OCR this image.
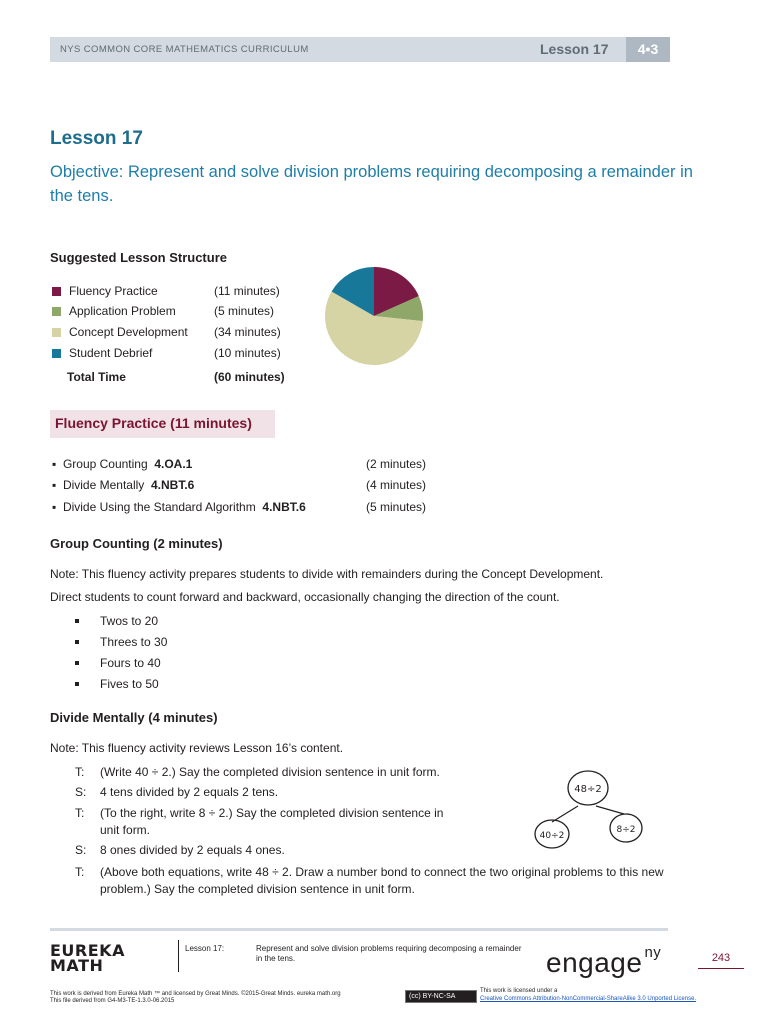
NYS COMMON CORE MATHEMATICS CURRICULUM	Lesson 17	4•3
Lesson 17

Objective: Represent and solve division problems requiring decomposing a remainder in the tens.

Suggested Lesson Structure
Fluency Practice	(11 minutes)
Application Problem	(5 minutes)
Concept Development (34 minutes)
Student Debrief	(10 minutes)
Total Time	(60 minutes)
Fluency Practice (11 minutes)
▪ Group Counting 4.OA.1	(2 minutes)
▪ Divide Mentally 4.NBT.6	(4 minutes)
▪ Divide Using the Standard Algorithm 4.NBT.6	(5 minutes)
Group Counting (2 minutes)

Note: This fluency activity prepares students to divide with remainders during the Concept Development.

Direct students to count forward and backward, occasionally changing the direction of the count.

Twos to 20
Threes to 30
Fours to 40
Fives to 50
Divide Mentally (4 minutes)

Note: This fluency activity reviews Lesson 16’s content.

T: (Write 40 ÷ 2.) Say the completed division sentence in unit form.
S: 4 tens divided by 2 equals 2 tens.
T: (To the right, write 8 ÷ 2.) Say the completed division sentence in unit form.
S: 8 ones divided by 2 equals 4 ones.
T: (Above both equations, write 48 ÷ 2. Draw a number bond to connect the two original problems to this new problem.) Say the completed division sentence in unit form.
48÷2
40÷2
8÷2
EUREKA
MATH
Lesson 17:	Represent and solve division problems requiring decomposing a remainder in the tens.	engage $^{ny}$	243
This work is derived from Eureka Math ™ and licensed by Great Minds. ©2015-Great Minds. eureka math.org
This file derived from G4-M3-TE-1.3.0-06.2015
(cc) BY-NC-SA
This work is licensed under a
Creative Commons Attribution-NonCommercial-ShareAlike 3.0 Unported License.
